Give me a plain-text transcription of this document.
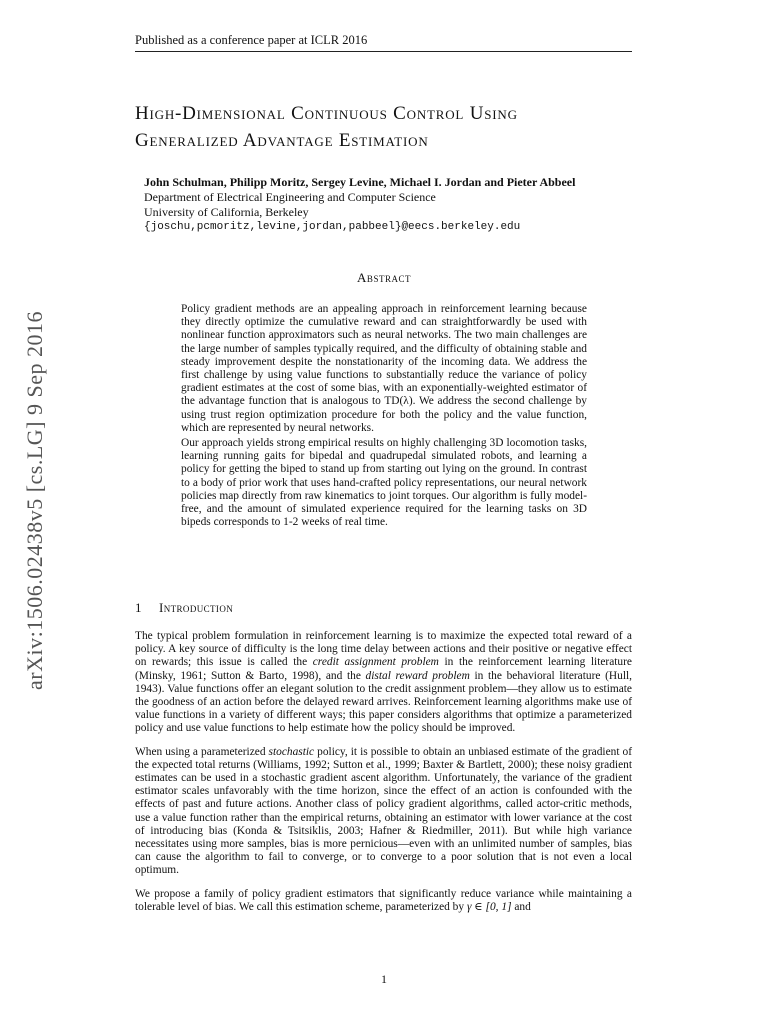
Published as a conference paper at ICLR 2016
arXiv:1506.02438v5 [cs.LG] 9 Sep 2016
High-Dimensional Continuous Control Using
Generalized Advantage Estimation
John Schulman, Philipp Moritz, Sergey Levine, Michael I. Jordan and Pieter Abbeel
Department of Electrical Engineering and Computer Science
University of California, Berkeley
{joschu,pcmoritz,levine,jordan,pabbeel}@eecs.berkeley.edu
Abstract

Policy gradient methods are an appealing approach in reinforcement learning because they directly optimize the cumulative reward and can straightforwardly be used with nonlinear function approximators such as neural networks. The two main challenges are the large number of samples typically required, and the difficulty of obtaining stable and steady improvement despite the nonstationarity of the incoming data. We address the first challenge by using value functions to substantially reduce the variance of policy gradient estimates at the cost of some bias, with an exponentially-weighted estimator of the advantage function that is analogous to TD(λ). We address the second challenge by using trust region optimization procedure for both the policy and the value function, which are represented by neural networks.

Our approach yields strong empirical results on highly challenging 3D locomotion tasks, learning running gaits for bipedal and quadrupedal simulated robots, and learning a policy for getting the biped to stand up from starting out lying on the ground. In contrast to a body of prior work that uses hand-crafted policy representations, our neural network policies map directly from raw kinematics to joint torques. Our algorithm is fully model-free, and the amount of simulated experience required for the learning tasks on 3D bipeds corresponds to 1-2 weeks of real time.

1 Introduction

The typical problem formulation in reinforcement learning is to maximize the expected total reward of a policy. A key source of difficulty is the long time delay between actions and their positive or negative effect on rewards; this issue is called the credit assignment problem in the reinforcement learning literature (Minsky, 1961; Sutton & Barto, 1998), and the distal reward problem in the behavioral literature (Hull, 1943). Value functions offer an elegant solution to the credit assignment problem—they allow us to estimate the goodness of an action before the delayed reward arrives. Reinforcement learning algorithms make use of value functions in a variety of different ways; this paper considers algorithms that optimize a parameterized policy and use value functions to help estimate how the policy should be improved.

When using a parameterized stochastic policy, it is possible to obtain an unbiased estimate of the gradient of the expected total returns (Williams, 1992; Sutton et al., 1999; Baxter & Bartlett, 2000); these noisy gradient estimates can be used in a stochastic gradient ascent algorithm. Unfortunately, the variance of the gradient estimator scales unfavorably with the time horizon, since the effect of an action is confounded with the effects of past and future actions. Another class of policy gradient algorithms, called actor-critic methods, use a value function rather than the empirical returns, obtaining an estimator with lower variance at the cost of introducing bias (Konda & Tsitsiklis, 2003; Hafner & Riedmiller, 2011). But while high variance necessitates using more samples, bias is more pernicious—even with an unlimited number of samples, bias can cause the algorithm to fail to converge, or to converge to a poor solution that is not even a local optimum.

We propose a family of policy gradient estimators that significantly reduce variance while maintaining a tolerable level of bias. We call this estimation scheme, parameterized by γ ∈ [0, 1] and

1
